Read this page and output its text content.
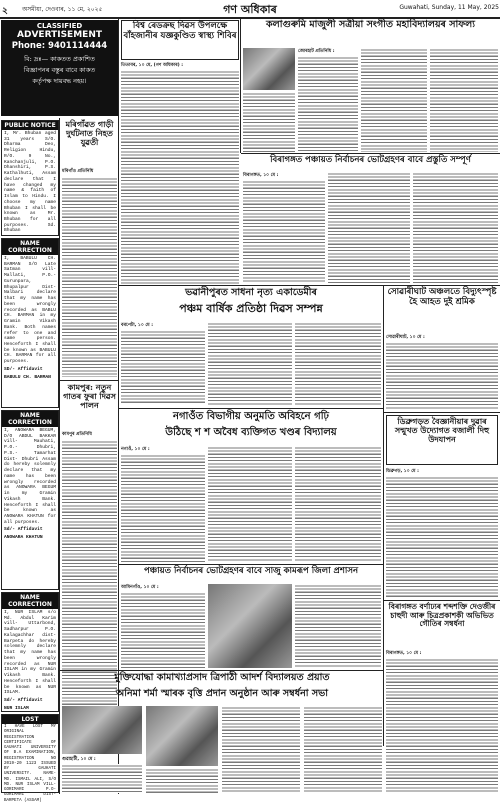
২	অসমীয়া, দেওবাৰ, ১১ মে, ২০২৫	গণ অধিকাৰ	Guwahati, Sunday, 11 May, 2025
CLASSIFIED
ADVERTISEMENT
Phone: 9401114444
বি: দ্ৰঃ— কাকতত প্ৰকাশিত
বিজ্ঞাপনৰ বস্তুৰ বাবে কাকত
কৰ্তৃপক্ষ দায়বদ্ধ নহয়।
PUBLIC NOTICE
I, Mr. Bhuban aged 31 years S/O. Dharma Deo, Religion Hindu, R/O. 9 No., Kanchanjuli, P.O. Dhanshiri, P.S. Kathalhuti, Assam declare that I have changed my name & faith of Islam to Hindu. I choose my name Bhuban I shall be known as Mr. Bhuban for all purposes. Sd. Bhuban
NAME CORRECTION
I, BABULU CH. BARMAN S/O Late Satman vill- Mallati, P.O.- Gurunpara, Bhupalpur Dist- Nalbari declare that my name has been wrongly recorded as BABLU CH. BARMAN in my Gramin Vikash Bank. Both names refer to one and same person. Henceforth I shall be known as BABULU CH. BARMAN for all purposes.
SD/- Affidavit
BABULU CH. BARMAN
NAME CORRECTION
I, ANOWARA BEGUM, D/O ABDUL BAKKAR vill- Mauhati, P.O.- Dhubri, P.S.- Tamarhat Dist- Dhubri Assam do hereby solemnly declare that my name has been wrongly recorded as ANOWARA BEGUM in my Gramin Vikash Bank. Henceforth I shall be known as ANOWARA KHATUN for all purposes.
Sd/- Affidavit
ANOWARA KHATUN
NAME CORRECTION
I, NUR ISLAM s/o Md. Abdul Karim vill- Uttarbond, Sadharpur P.O. Kalagachhar dist- Barpeta do hereby solemnly declare that my name has been wrongly recorded as NUR ISLAM in my Gramin Vikash Bank. Henceforth I shall be known as NUR ISLAM.
Sd/- Affidavit
NUR ISLAM
LOST
I HAVE LOST MY ORIGINAL REGISTRATION CERTIFICATE OF GAUHATI UNIVERSITY OF B.A EXAMINATION, REGISTRATION NO 2019-20 1123 ISSUED BY GAUHATI UNIVERSITY. NAME- MD. ISMAIL ALI, S/O MD. NUR ISLAM VILL- GORIMARI P.O- GORIMARI DIST- BARPETA (ASSAM)
মৰিগাঁৱত গাড়ী দুৰ্ঘটনাত নিহত যুৱতী
মৰিগাঁও প্ৰতিনিধি
কামপুৰ: নতুন গাতৰ ফুৰা দিৱস পালন
কামপুৰ প্ৰতিনিধি
বিশ্ব ৰেডক্ৰছ দিৱস উপলক্ষে বাঁহজানীৰ যজ্ঞকুণ্ডিত স্বাস্থ্য শিবিৰ
তিতাবৰ, ১০ মে, (গণ অধিকাৰ) :
কলাগুৰুমি মাজুলী সত্ৰীয়া সংগীত মহাবিদ্যালয়ৰ সাফল্য
জোৰহাট প্ৰতিনিধি :
বিৰাগঙ্গত পঞ্চায়ত নিৰ্বাচনৰ ভোটগ্ৰহণৰ বাবে প্ৰস্তুতি সম্পূৰ্ণ
বিৰাগঙ্গত, ১০ মে :
ভৱানীপুৰত সাধনা নৃত্য একাডেমীৰ
পঞ্চম বাৰ্ষিক প্ৰতিষ্ঠা দিৱস সম্পন্ন
বৰপেটা, ১০ মে :
সোৱাৰীঘাট অঞ্চলতে বিদ্যুৎস্পৃষ্ট হৈ আহত দুই শ্ৰমিক
সোৱাৰীঘাট, ১০ মে :
নগাওঁত বিভাগীয় অনুমতি অবিহনে গঢ়ি
উঠিছে শ শ অবৈধ ব্যক্তিগত খণ্ডৰ বিদ্যালয়
নগাওঁ, ১০ মে :
ডিব্ৰুগড়ত বৈজ্ঞানীয়াৰ দুৱাৰ সন্মুখত উদ্যোগত বজালী দিহু উদযাপন
ডিব্ৰুগড়, ১০ মে :
পঞ্চায়ত নিৰ্বাচনৰ ভোটগ্ৰহণৰ বাবে সাজু কামৰূপ জিলা প্ৰশাসন
আমিনগাঁও, ১০ মে :
বিৰাগঙ্গত বৰ্ণাঢ্যৰ শব্দশক্তি দেওজীৰ চাহুদী আৰু চিত্ৰপ্ৰকাশকী অভিভিত গৌতিৰ সম্বৰ্ধনা
বিৰাগঙ্গত, ১০ মে :
মুক্তিযোদ্ধা কামাখ্যাপ্ৰসাদ ত্ৰিপাঠী আদৰ্শ বিদ্যালয়ত প্ৰয়াত
অনিমা শৰ্মা স্মাৰক বৃত্তি প্ৰদান অনুষ্ঠান আৰু সম্বৰ্ধনা সভা
গুৱাহাটী, ১০ মে :
